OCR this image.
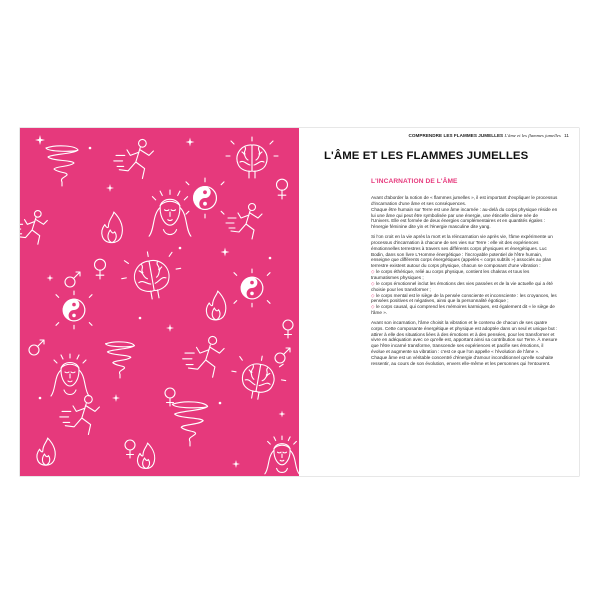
COMPRENDRE LES FLAMMES JUMELLES L'âme et les flammes jumelles 11
L'ÂME ET LES FLAMMES JUMELLES
L'INCARNATION DE L'ÂME

Avant d'aborder la notion de « flammes jumelles », il est important d'expliquer le processus d'incarnation d'une âme et ses conséquences.

Chaque être humain sur Terre est une âme incarnée : au-delà du corps physique réside en lui une âme qui peut être symbolisée par une énergie, une étincelle divine née de l'Univers. Elle est formée de deux énergies complémentaires et en quantités égales : l'énergie féminine dite yin et l'énergie masculine dite yang.

Si l'on croit en la vie après la mort et la réincarnation vie après vie, l'âme expérimente un processus d'incarnation à chacune de ses vies sur Terre : elle vit des expériences émotionnelles terrestres à travers ses différents corps physiques et énergétiques. Luc Bodin, dans son livre L'Homme énergétique : l'incroyable potentiel de l'être humain, enseigne que différents corps énergétiques (appelés « corps subtils ») associés au plan terrestre existent autour du corps physique, chacun se composant d'une vibration :

◇ le corps éthérique, relié au corps physique, contient les chakras et tous les traumatismes physiques ;
◇ le corps émotionnel inclut les émotions des vies passées et de la vie actuelle qui a été choisie pour les transformer ;
◇ le corps mental est le siège de la pensée consciente et inconsciente : les croyances, les pensées positives et négatives, ainsi que la personnalité égotique ;

◇ le corps causal, qui comprend les mémoires karmiques, est également dit « le siège de l'âme ».

Avant son incarnation, l'âme choisit la vibration et le contenu de chacun de ses quatre corps. Cette composante énergétique et physique est adoptée dans un seul et unique but : attirer à elle des situations liées à des émotions et à des pensées, pour les transformer et vivre en adéquation avec ce qu'elle est, apportant ainsi sa contribution sur Terre. À mesure que l'être incarné transforme, transcende ses expériences et pacifie ses émotions, il évolue et augmente sa vibration : c'est ce que l'on appelle « l'évolution de l'âme ».

Chaque âme est un véritable concentré d'énergie d'amour inconditionnel qu'elle souhaite ressentir, au cours de son évolution, envers elle-même et les personnes qui l'entourent.
